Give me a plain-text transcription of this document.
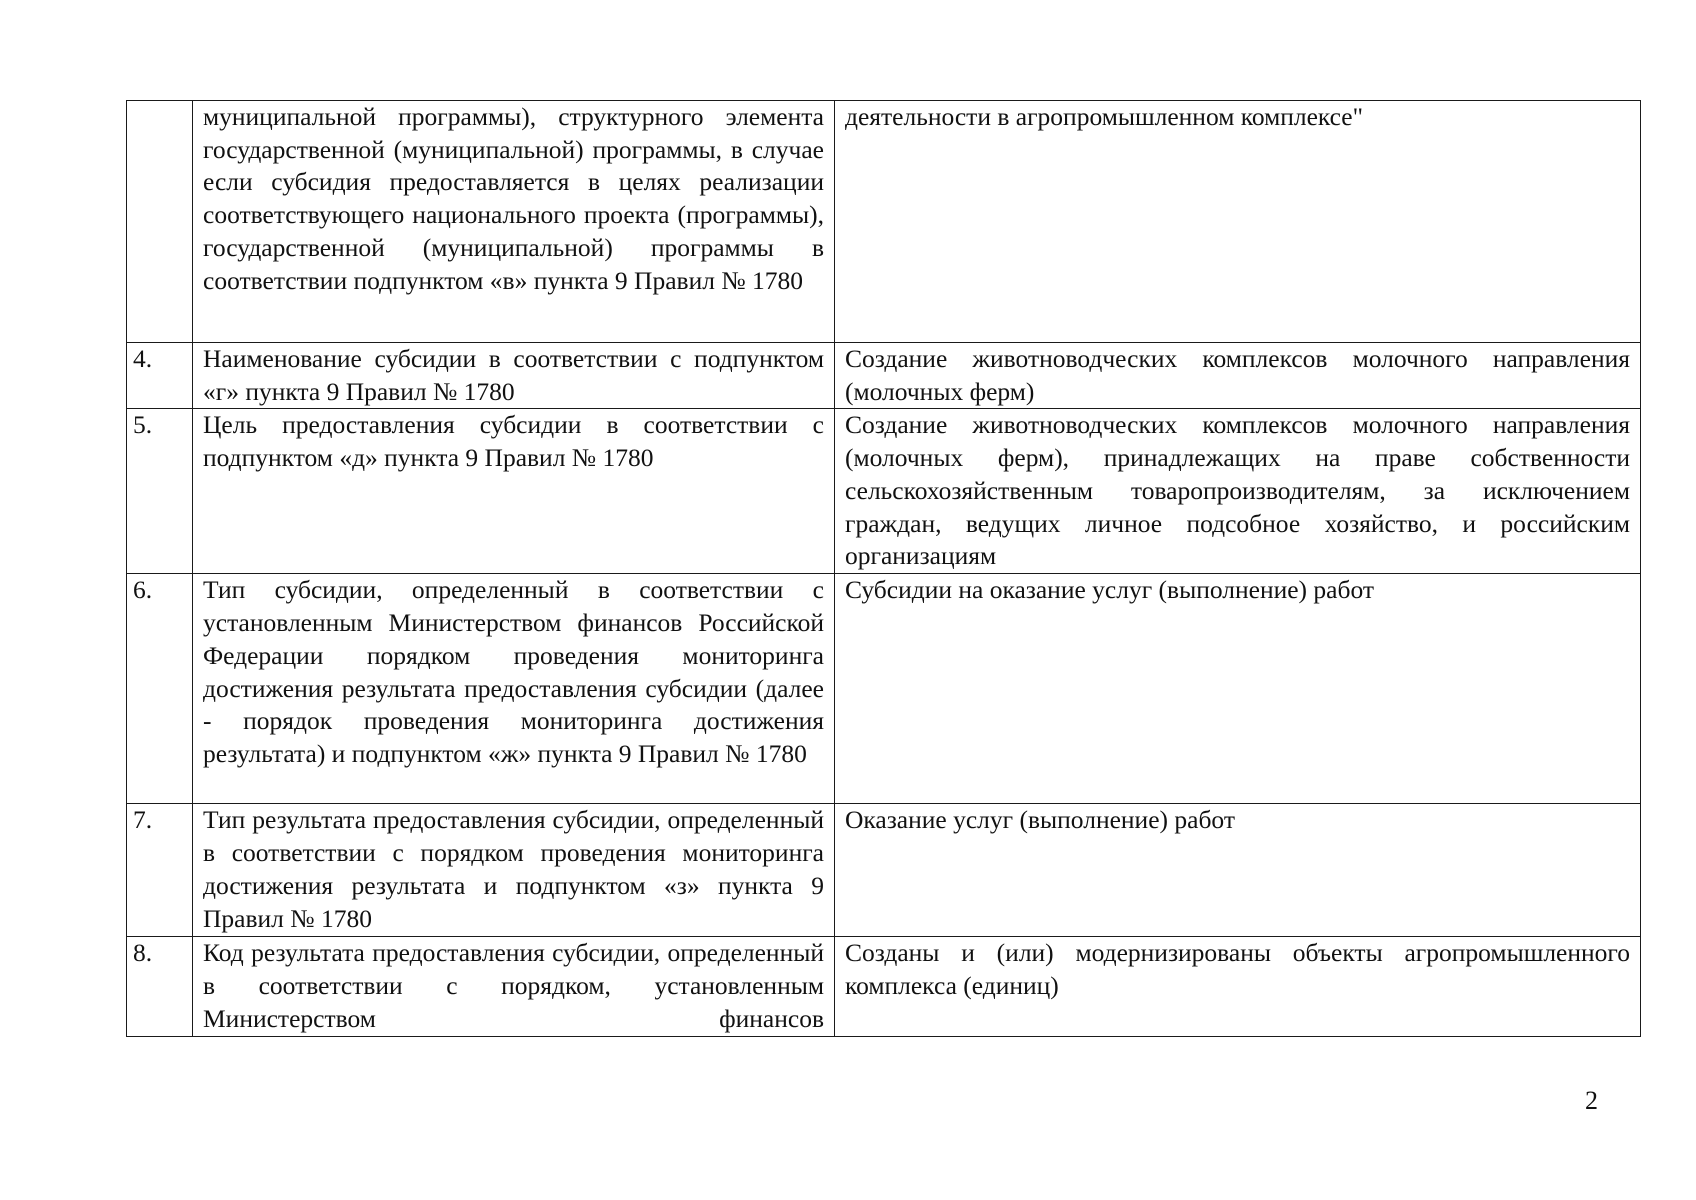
	муниципальной программы), структурного элемента государственной (муниципальной) программы, в случае если субсидия предоставляется в целях реализации соответствующего национального проекта (программы), государственной (муниципальной) программы в соответствии подпунктом «в» пункта 9 Правил № 1780	деятельности в агропромышленном комплексе"
4.	Наименование субсидии в соответствии с подпунктом «г» пункта 9 Правил № 1780	Создание животноводческих комплексов молочного направления (молочных ферм)
5.	Цель предоставления субсидии в соответствии с подпунктом «д» пункта 9 Правил № 1780	Создание животноводческих комплексов молочного направления (молочных ферм), принадлежащих на праве собственности сельскохозяйственным товаропроизводителям, за исключением граждан, ведущих личное подсобное хозяйство, и российским организациям
6.	Тип субсидии, определенный в соответствии с установленным Министерством финансов Российской Федерации порядком проведения мониторинга достижения результата предоставления субсидии (далее - порядок проведения мониторинга достижения результата) и подпунктом «ж» пункта 9 Правил № 1780	Субсидии на оказание услуг (выполнение) работ
7.	Тип результата предоставления субсидии, определенный в соответствии с порядком проведения мониторинга достижения результата и подпунктом «з» пункта 9 Правил № 1780	Оказание услуг (выполнение) работ
8.	Код результата предоставления субсидии, определенный в соответствии с порядком, установленным Министерством финансов	Созданы и (или) модернизированы объекты агропромышленного комплекса (единиц)
2
